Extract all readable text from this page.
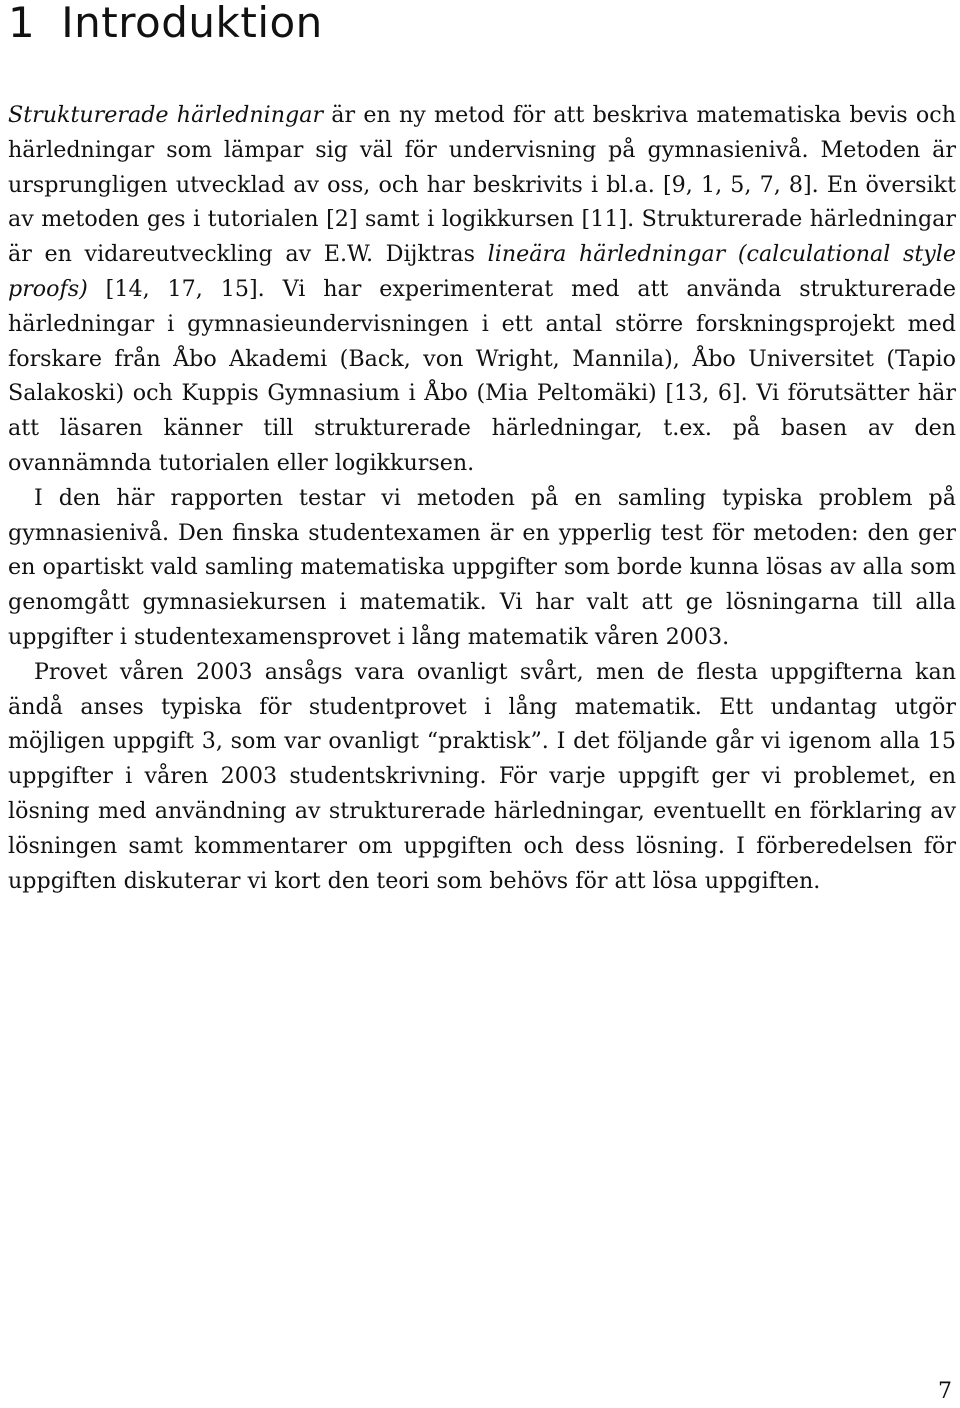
1 Introduktion

Strukturerade härledningar är en ny metod för att beskriva matematiska bevis och härledningar som lämpar sig väl för undervisning på gymnasienivå. Metoden är ursprungligen utvecklad av oss, och har beskrivits i bl.a. [9, 1, 5, 7, 8]. En översikt av metoden ges i tutorialen [2] samt i logikkursen [11]. Strukturerade härledningar är en vidareutveckling av E.W. Dijktras lineära härledningar (calculational style proofs) [14, 17, 15]. Vi har experimenterat med att använda strukturerade härledningar i gymnasieundervisningen i ett antal större forskningsprojekt med forskare från Åbo Akademi (Back, von Wright, Mannila), Åbo Universitet (Tapio Salakoski) och Kuppis Gymnasium i Åbo (Mia Peltomäki) [13, 6]. Vi förutsätter här att läsaren känner till strukturerade härledningar, t.ex. på basen av den ovannämnda tutorialen eller logikkursen.

I den här rapporten testar vi metoden på en samling typiska problem på gymnasienivå. Den finska studentexamen är en ypperlig test för metoden: den ger en opartiskt vald samling matematiska uppgifter som borde kunna lösas av alla som genomgått gymnasiekursen i matematik. Vi har valt att ge lösningarna till alla uppgifter i studentexamensprovet i lång matematik våren 2003.

Provet våren 2003 ansågs vara ovanligt svårt, men de flesta uppgifterna kan ändå anses typiska för studentprovet i lång matematik. Ett undantag utgör möjligen uppgift 3, som var ovanligt “praktisk”. I det följande går vi igenom alla 15 uppgifter i våren 2003 studentskrivning. För varje uppgift ger vi problemet, en lösning med användning av strukturerade härledningar, eventuellt en förklaring av lösningen samt kommentarer om uppgiften och dess lösning. I förberedelsen för uppgiften diskuterar vi kort den teori som behövs för att lösa uppgiften.

7
